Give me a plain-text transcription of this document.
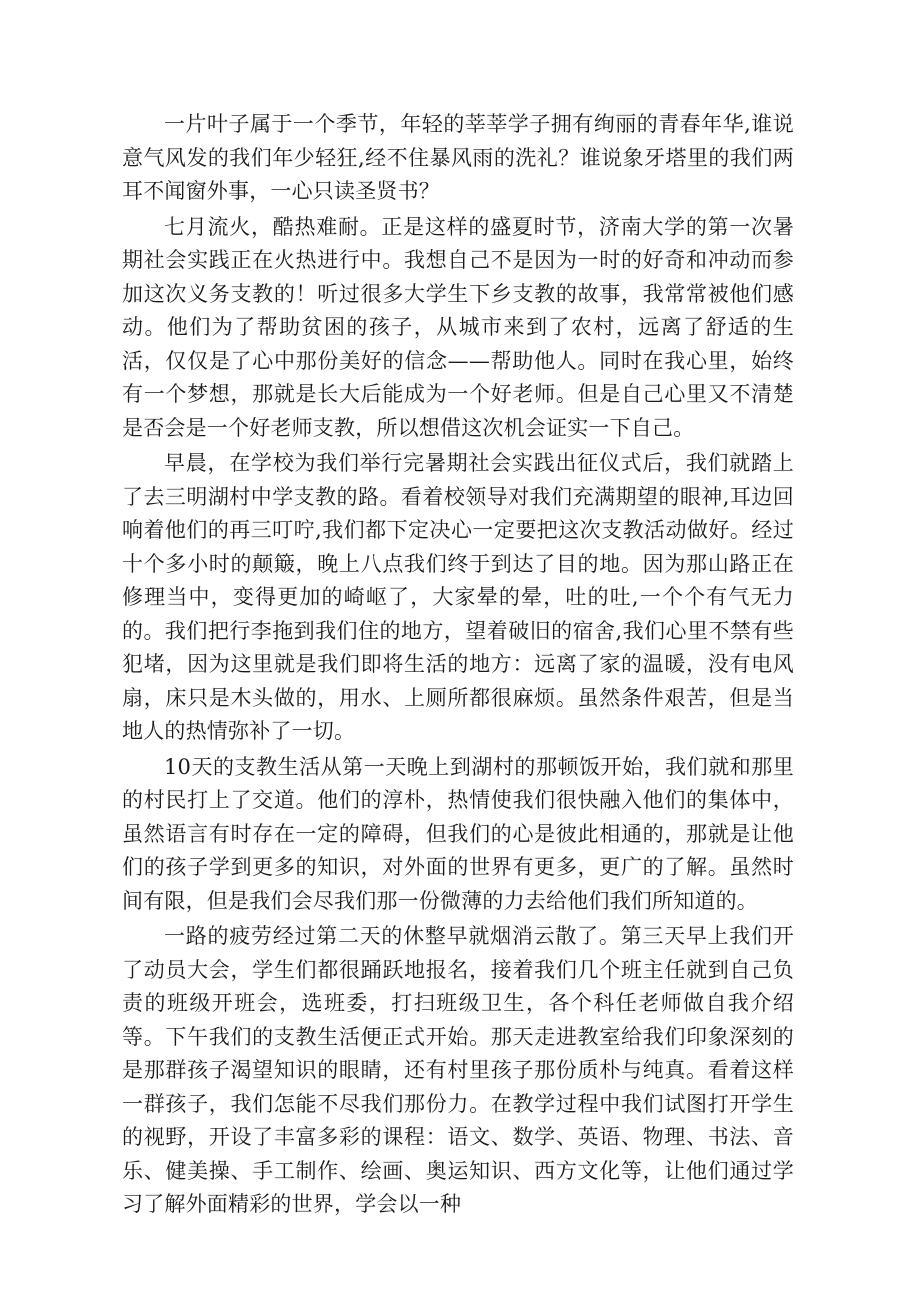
一片叶子属于一个季节，年轻的莘莘学子拥有绚丽的青春年华,谁说意气风发的我们年少轻狂,经不住暴风雨的洗礼？谁说象牙塔里的我们两耳不闻窗外事，一心只读圣贤书？

七月流火，酷热难耐。正是这样的盛夏时节，济南大学的第一次暑期社会实践正在火热进行中。我想自己不是因为一时的好奇和冲动而参加这次义务支教的！听过很多大学生下乡支教的故事，我常常被他们感动。他们为了帮助贫困的孩子，从城市来到了农村，远离了舒适的生活，仅仅是了心中那份美好的信念——帮助他人。同时在我心里，始终有一个梦想，那就是长大后能成为一个好老师。但是自己心里又不清楚是否会是一个好老师支教，所以想借这次机会证实一下自己。

早晨，在学校为我们举行完暑期社会实践出征仪式后，我们就踏上了去三明湖村中学支教的路。看着校领导对我们充满期望的眼神,耳边回响着他们的再三叮咛,我们都下定决心一定要把这次支教活动做好。经过十个多小时的颠簸，晚上八点我们终于到达了目的地。因为那山路正在修理当中，变得更加的崎岖了，大家晕的晕，吐的吐,一个个有气无力的。我们把行李拖到我们住的地方，望着破旧的宿舍,我们心里不禁有些犯堵，因为这里就是我们即将生活的地方：远离了家的温暖，没有电风扇，床只是木头做的，用水、上厕所都很麻烦。虽然条件艰苦，但是当地人的热情弥补了一切。

10天的支教生活从第一天晚上到湖村的那顿饭开始，我们就和那里的村民打上了交道。他们的淳朴，热情使我们很快融入他们的集体中，虽然语言有时存在一定的障碍，但我们的心是彼此相通的，那就是让他们的孩子学到更多的知识，对外面的世界有更多，更广的了解。虽然时间有限，但是我们会尽我们那一份微薄的力去给他们我们所知道的。

一路的疲劳经过第二天的休整早就烟消云散了。第三天早上我们开了动员大会，学生们都很踊跃地报名，接着我们几个班主任就到自己负责的班级开班会，选班委，打扫班级卫生，各个科任老师做自我介绍等。下午我们的支教生活便正式开始。那天走进教室给我们印象深刻的是那群孩子渴望知识的眼睛，还有村里孩子那份质朴与纯真。看着这样一群孩子，我们怎能不尽我们那份力。在教学过程中我们试图打开学生的视野，开设了丰富多彩的课程：语文、数学、英语、物理、书法、音乐、健美操、手工制作、绘画、奥运知识、西方文化等，让他们通过学习了解外面精彩的世界，学会以一种
